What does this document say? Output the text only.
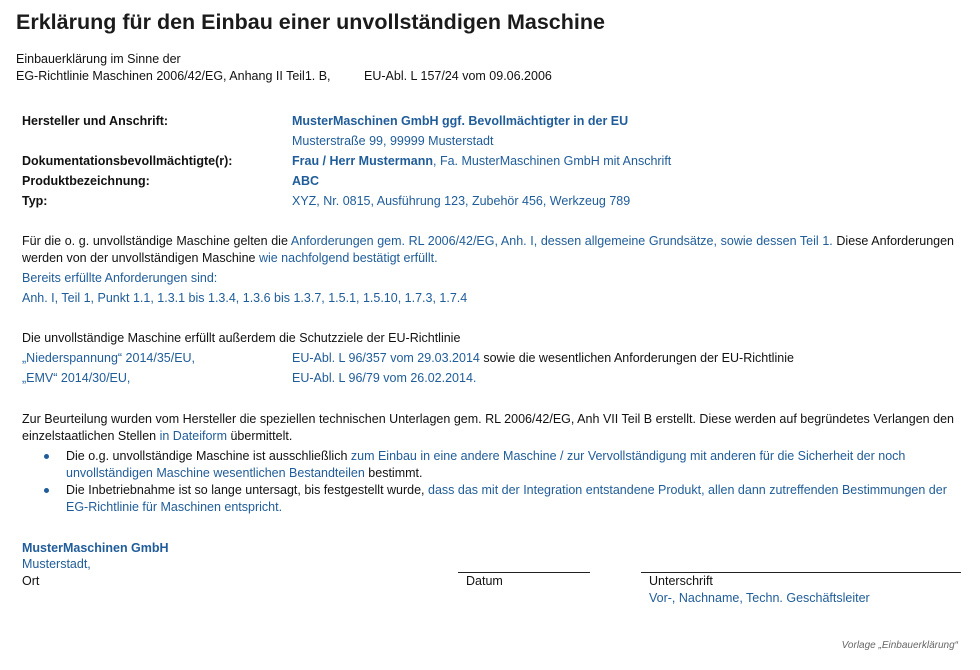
Erklärung für den Einbau einer unvollständigen Maschine
Einbauerklärung im Sinne der
EG-Richtlinie Maschinen 2006/42/EG, Anhang II Teil1. B,	EU-Abl. L 157/24 vom 09.06.2006
Hersteller und Anschrift:	MusterMaschinen GmbH ggf. Bevollmächtigter in der EU
Musterstraße 99, 99999 Musterstadt
Dokumentationsbevollmächtigte(r):	Frau / Herr Mustermann, Fa. MusterMaschinen GmbH mit Anschrift
Produktbezeichnung:	ABC
Typ:	XYZ, Nr. 0815, Ausführung 123, Zubehör 456, Werkzeug 789
Für die o. g. unvollständige Maschine gelten die Anforderungen gem. RL 2006/42/EG, Anh. I, dessen allgemeine Grundsätze, sowie dessen Teil 1. Diese Anforderungen werden von der unvollständigen Maschine wie nachfolgend bestätigt erfüllt.
Bereits erfüllte Anforderungen sind:
Anh. I, Teil 1, Punkt 1.1, 1.3.1 bis 1.3.4, 1.3.6 bis 1.3.7, 1.5.1, 1.5.10, 1.7.3, 1.7.4
Die unvollständige Maschine erfüllt außerdem die Schutzziele der EU-Richtlinie
„Niederspannung“ 2014/35/EU,	EU-Abl. L 96/357 vom 29.03.2014 sowie die wesentlichen Anforderungen der EU-Richtlinie
„EMV“ 2014/30/EU,	EU-Abl. L 96/79 vom 26.02.2014.
Zur Beurteilung wurden vom Hersteller die speziellen technischen Unterlagen gem. RL 2006/42/EG, Anh VII Teil B erstellt. Diese werden auf begründetes Verlangen den einzelstaatlichen Stellen in Dateiform übermittelt.
Die o.g. unvollständige Maschine ist ausschließlich zum Einbau in eine andere Maschine / zur Vervollständigung mit anderen für die Sicherheit der noch unvollständigen Maschine wesentlichen Bestandteilen bestimmt.
Die Inbetriebnahme ist so lange untersagt, bis festgestellt wurde, dass das mit der Integration entstandene Produkt, allen dann zutreffenden Bestimmungen der EG-Richtlinie für Maschinen entspricht.
MusterMaschinen GmbH
Musterstadt,
Ort	Datum	Unterschrift
Vor-, Nachname, Techn. Geschäftsleiter
Vorlage „Einbauerklärung“
